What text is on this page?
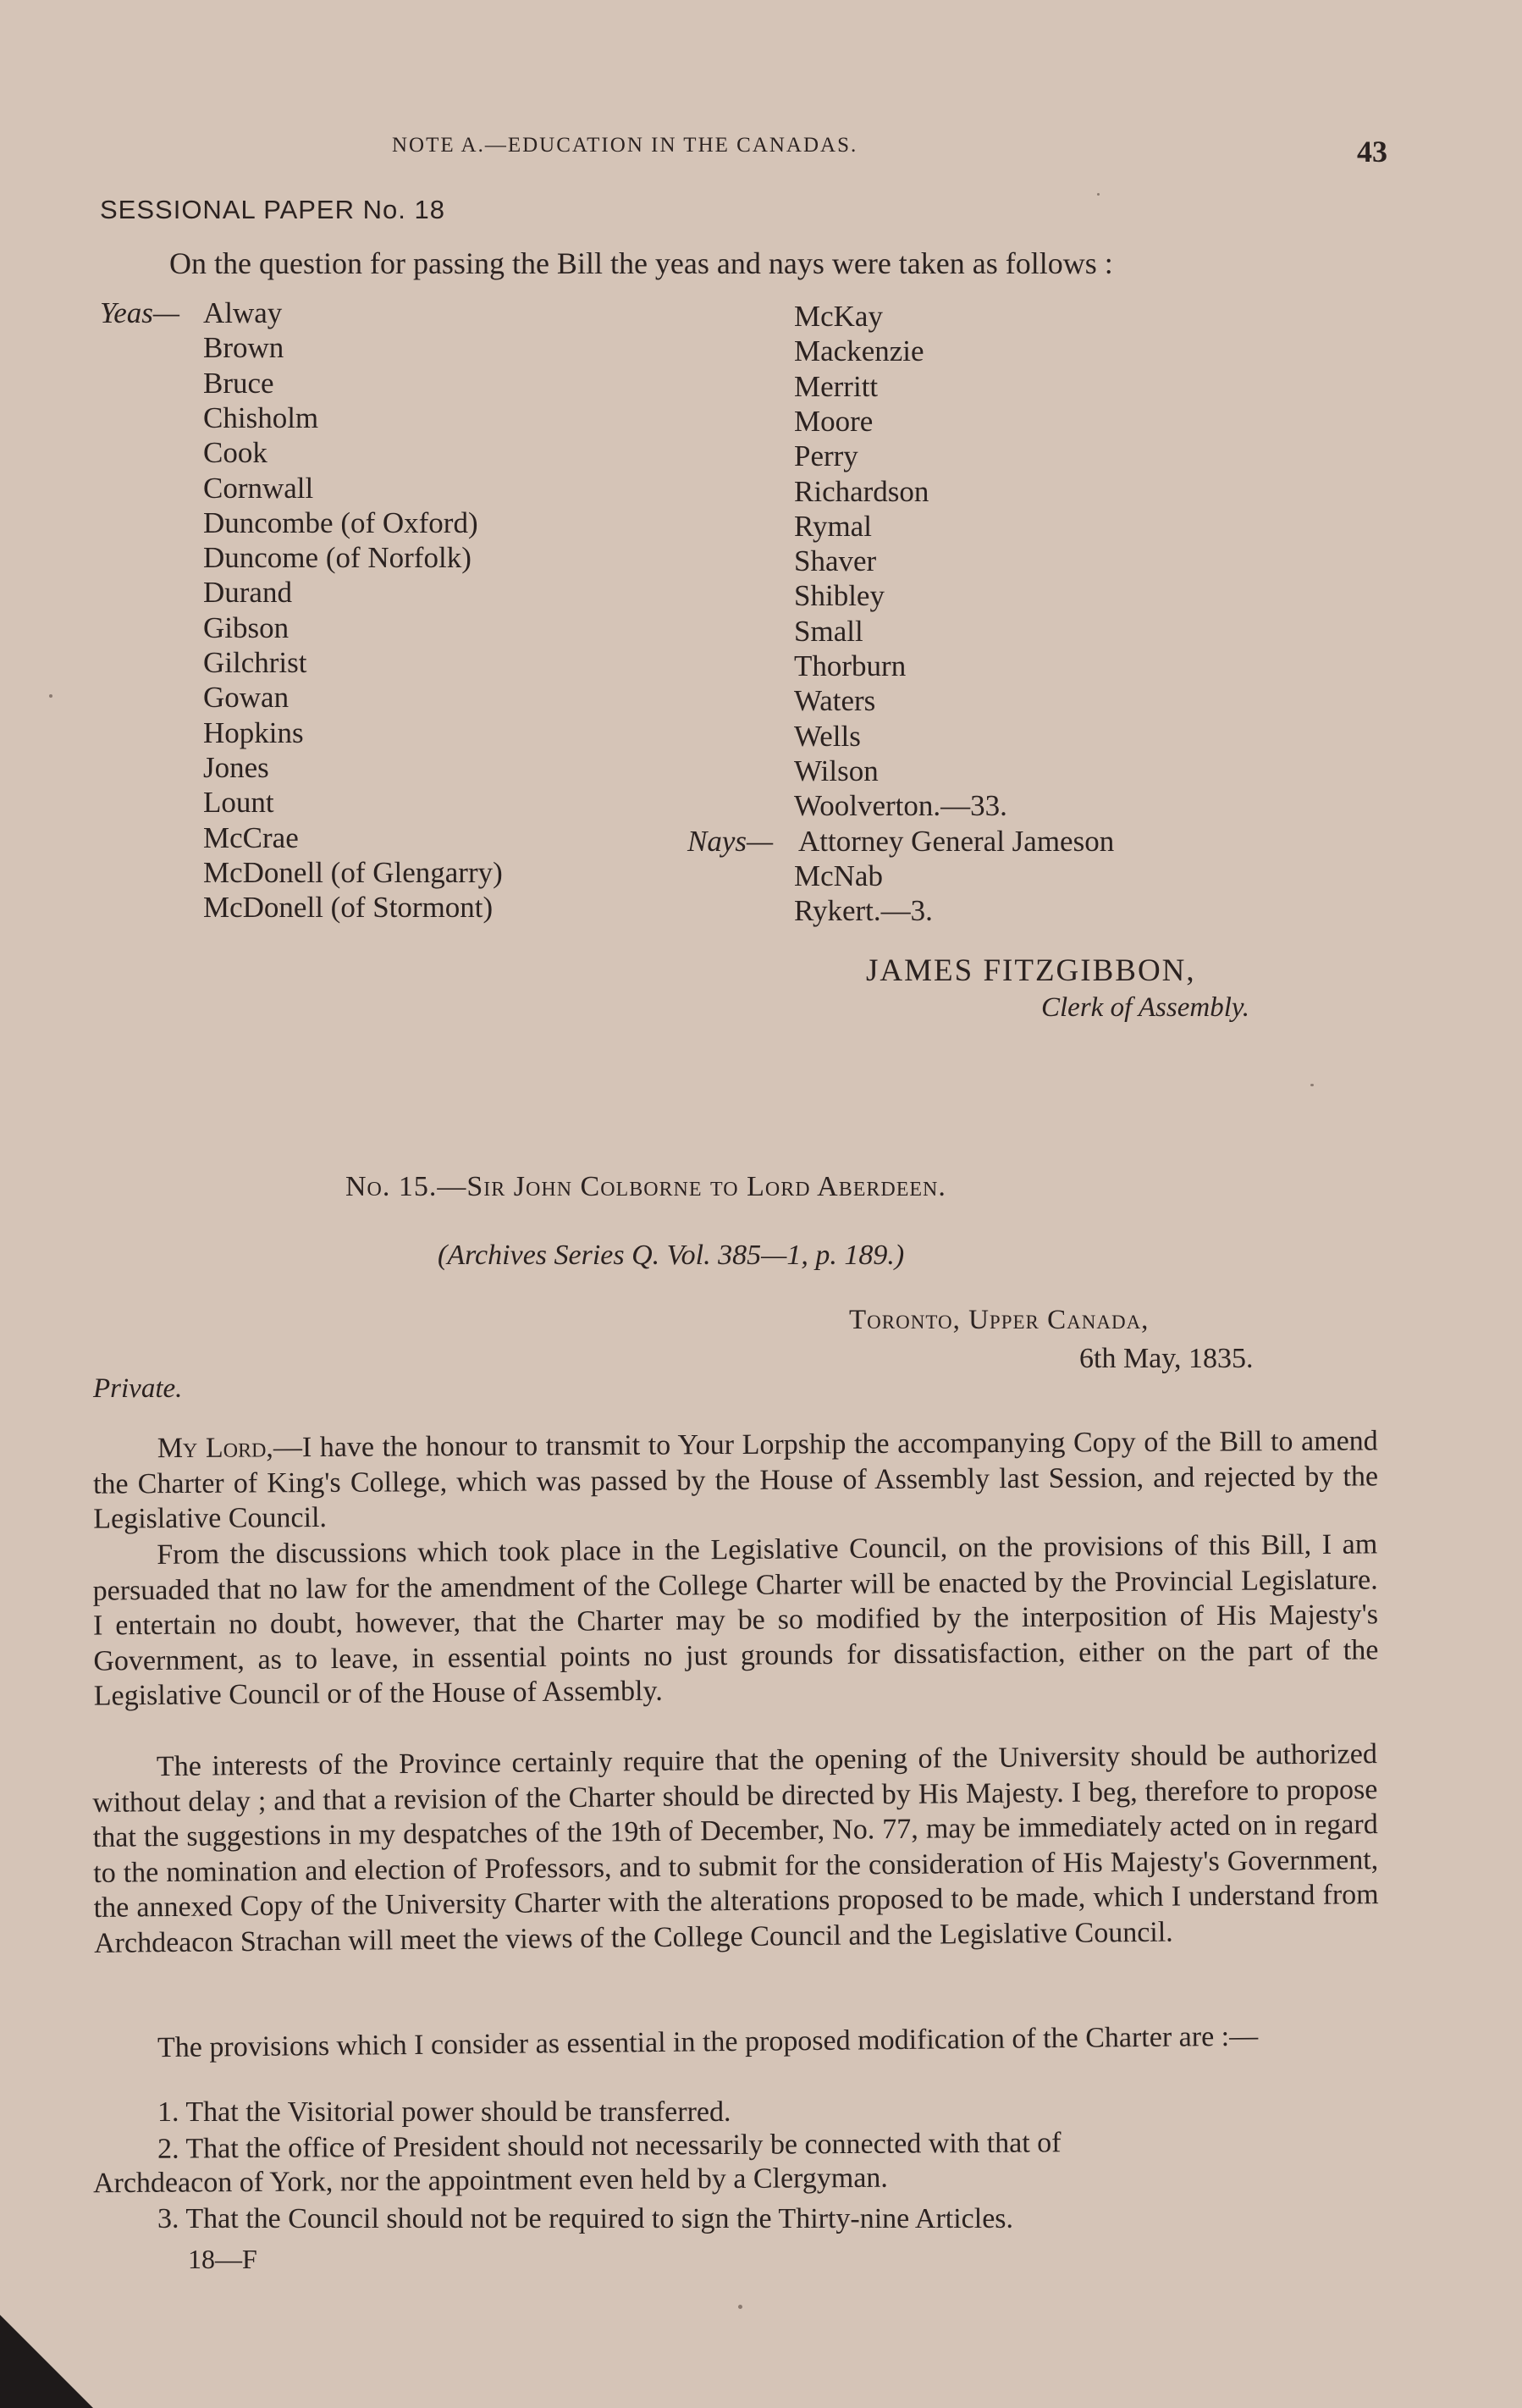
NOTE A.—EDUCATION IN THE CANADAS.	43
SESSIONAL PAPER No. 18
On the question for passing the Bill the yeas and nays were taken as follows :
JAMES FITZGIBBON,
Clerk of Assembly.
No. 15.—Sir John Colborne to Lord Aberdeen.
(Archives Series Q. Vol. 385—1, p. 189.)
Toronto, Upper Canada,
6th May, 1835.
Private.

My Lord,—I have the honour to transmit to Your Lorpship the accompanying Copy of the Bill to amend the Charter of King's College, which was passed by the House of Assembly last Session, and rejected by the Legislative Council.

From the discussions which took place in the Legislative Council, on the provisions of this Bill, I am persuaded that no law for the amendment of the College Charter will be enacted by the Provincial Legislature. I entertain no doubt, however, that the Charter may be so modified by the interposition of His Majesty's Government, as to leave, in essential points no just grounds for dissatisfaction, either on the part of the Legislative Council or of the House of Assembly.

The interests of the Province certainly require that the opening of the University should be authorized without delay ; and that a revision of the Charter should be directed by His Majesty. I beg, therefore to propose that the suggestions in my despatches of the 19th of December, No. 77, may be immediately acted on in regard to the nomination and election of Professors, and to submit for the consideration of His Majesty's Government, the annexed Copy of the University Charter with the alterations proposed to be made, which I understand from Archdeacon Strachan will meet the views of the College Council and the Legislative Council.

The provisions which I consider as essential in the proposed modification of the Charter are :—

1. That the Visitorial power should be transferred.
2. That the office of President should not necessarily be connected with that of
Archdeacon of York, nor the appointment even held by a Clergyman.
3. That the Council should not be required to sign the Thirty-nine Articles.
18—F
Yeas— Alway
Brown
Bruce
Chisholm
Cook
Cornwall
Duncombe (of Oxford)
Duncome (of Norfolk)
Durand
Gibson
Gilchrist
Gowan
Hopkins
Jones
Lount
McCrae
McDonell (of Glengarry)
McDonell (of Stormont)
McKay
Mackenzie
Merritt
Moore
Perry
Richardson
Rymal
Shaver
Shibley
Small
Thorburn
Waters
Wells
Wilson
Woolverton.—33.
Nays— Attorney General Jameson
McNab
Rykert.—3.
